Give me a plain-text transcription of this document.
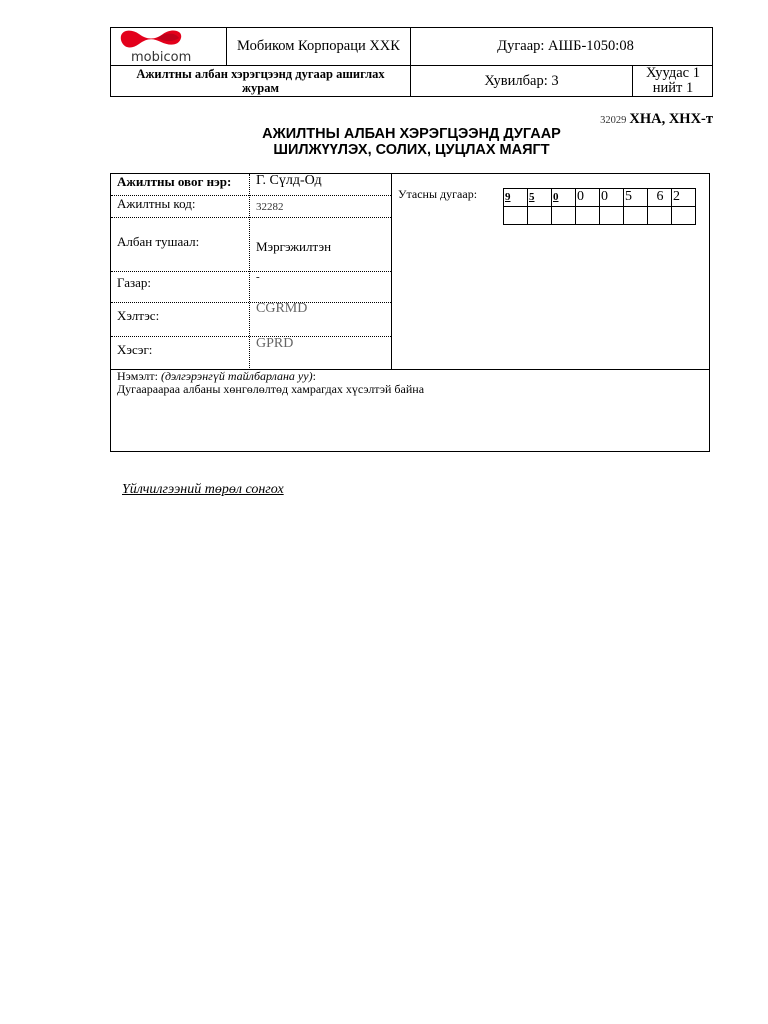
mobicom
Мобиком Корпораци ХХК	Дугаар: АШБ-1050:08
Ажилтны албан хэрэгцээнд дугаар ашиглах журам	Хувилбар: 3	Хуудас 1
нийт 1
32029 ХНА, ХНХ-т
АЖИЛТНЫ АЛБАН ХЭРЭГЦЭЭНД ДУГААР
ШИЛЖҮҮЛЭХ, СОЛИХ, ЦУЦЛАХ МАЯГТ
Ажилтны овог нэр: Г. Сүлд-Од
Ажилтны код:	32282
Албан тушаал:	Мэргэжилтэн
Газар:	-
Хэлтэс:	CGRMD
Хэсэг:	GPRD
Утасны дугаар:	9	5	0	0	0	5	6	2

Нэмэлт: (дэлгэрэнгүй тайлбарлана уу):
Дугаараараа албаны хөнгөлөлтөд хамрагдах хүсэлтэй байна
Үйлчилгээний төрөл сонгох
